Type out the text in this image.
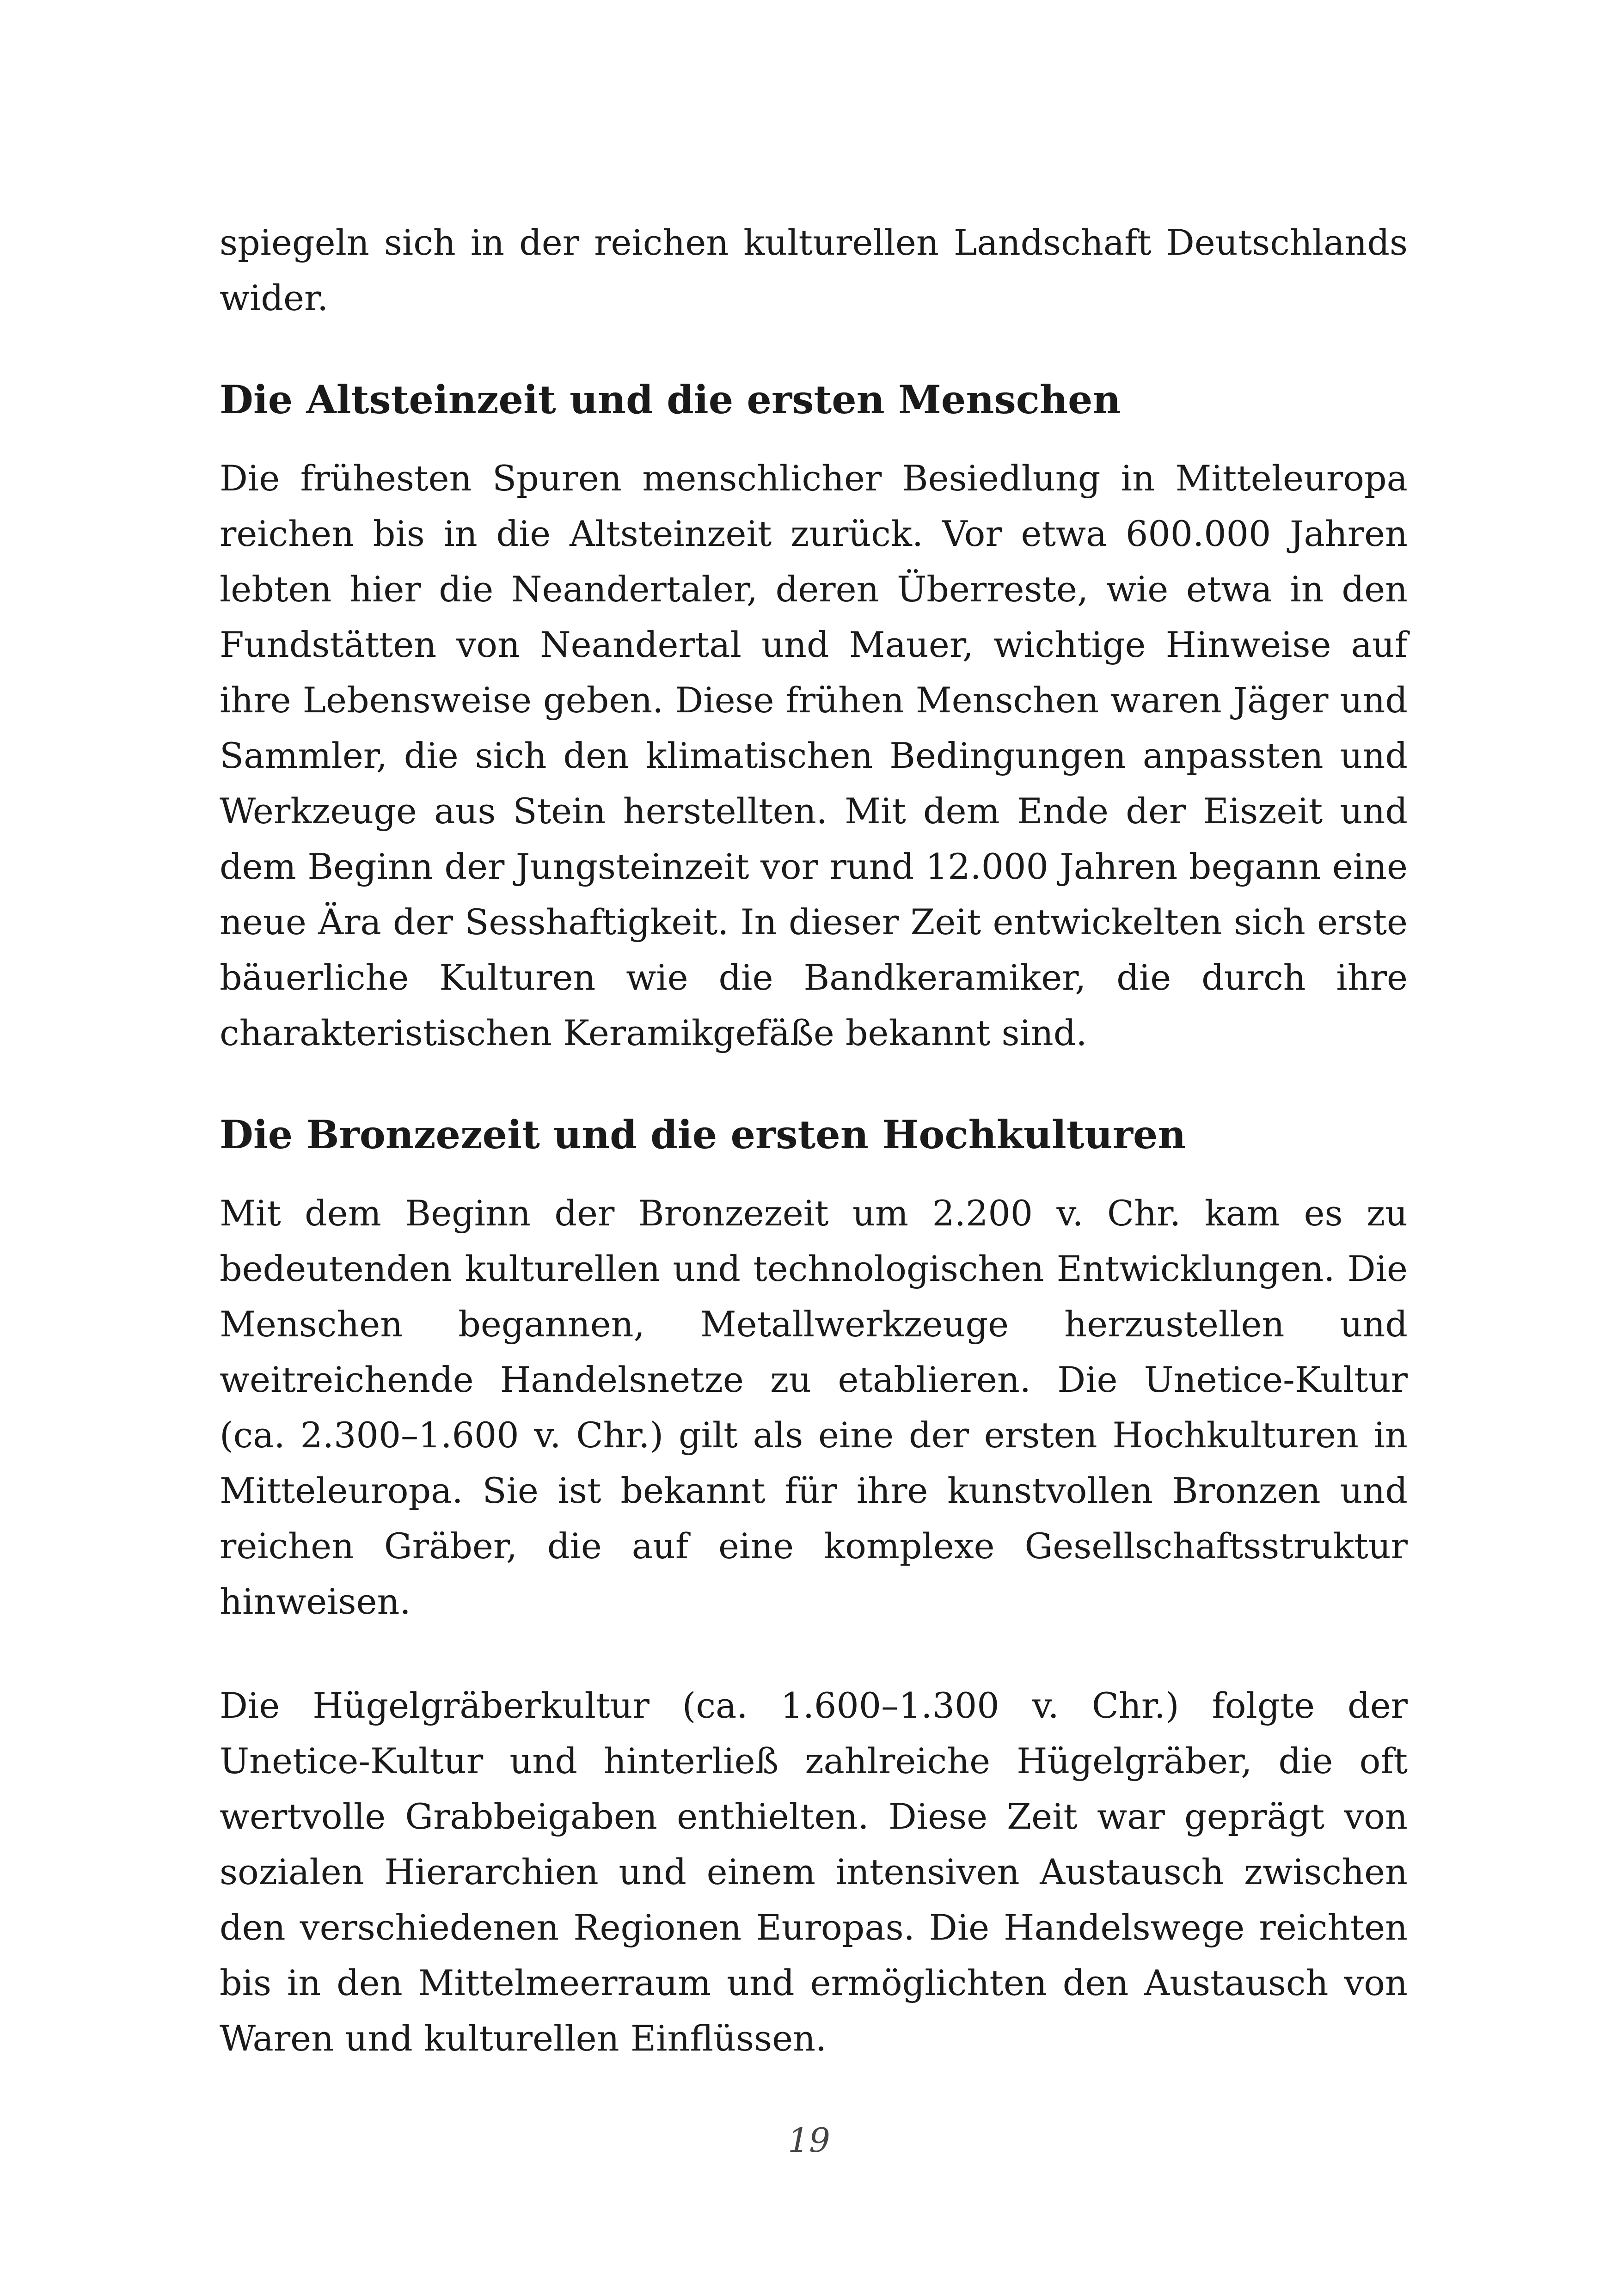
spiegeln sich in der reichen kulturellen Landschaft Deutschlands wider.

Die Altsteinzeit und die ersten Menschen

Die frühesten Spuren menschlicher Besiedlung in Mitteleuropa reichen bis in die Altsteinzeit zurück. Vor etwa 600.000 Jahren lebten hier die Neandertaler, deren Überreste, wie etwa in den Fundstätten von Neandertal und Mauer, wichtige Hinweise auf ihre Lebensweise geben. Diese frühen Menschen waren Jäger und Sammler, die sich den klimatischen Bedingungen anpassten und Werkzeuge aus Stein herstellten. Mit dem Ende der Eiszeit und dem Beginn der Jungsteinzeit vor rund 12.000 Jahren begann eine neue Ära der Sesshaftigkeit. In dieser Zeit entwickelten sich erste bäuerliche Kulturen wie die Bandkeramiker, die durch ihre charakteristischen Keramikgefäße bekannt sind.

Die Bronzezeit und die ersten Hochkulturen

Mit dem Beginn der Bronzezeit um 2.200 v. Chr. kam es zu bedeutenden kulturellen und technologischen Entwicklungen. Die Menschen begannen, Metallwerkzeuge herzustellen und weitreichende Handelsnetze zu etablieren. Die Unetice-Kultur (ca. 2.300–1.600 v. Chr.) gilt als eine der ersten Hochkulturen in Mitteleuropa. Sie ist bekannt für ihre kunstvollen Bronzen und reichen Gräber, die auf eine komplexe Gesellschaftsstruktur hinweisen.

Die Hügelgräberkultur (ca. 1.600–1.300 v. Chr.) folgte der Unetice-Kultur und hinterließ zahlreiche Hügelgräber, die oft wertvolle Grabbeigaben enthielten. Diese Zeit war geprägt von sozialen Hierarchien und einem intensiven Austausch zwischen den verschiedenen Regionen Europas. Die Handelswege reichten bis in den Mittelmeerraum und ermöglichten den Austausch von Waren und kulturellen Einflüssen.

19
